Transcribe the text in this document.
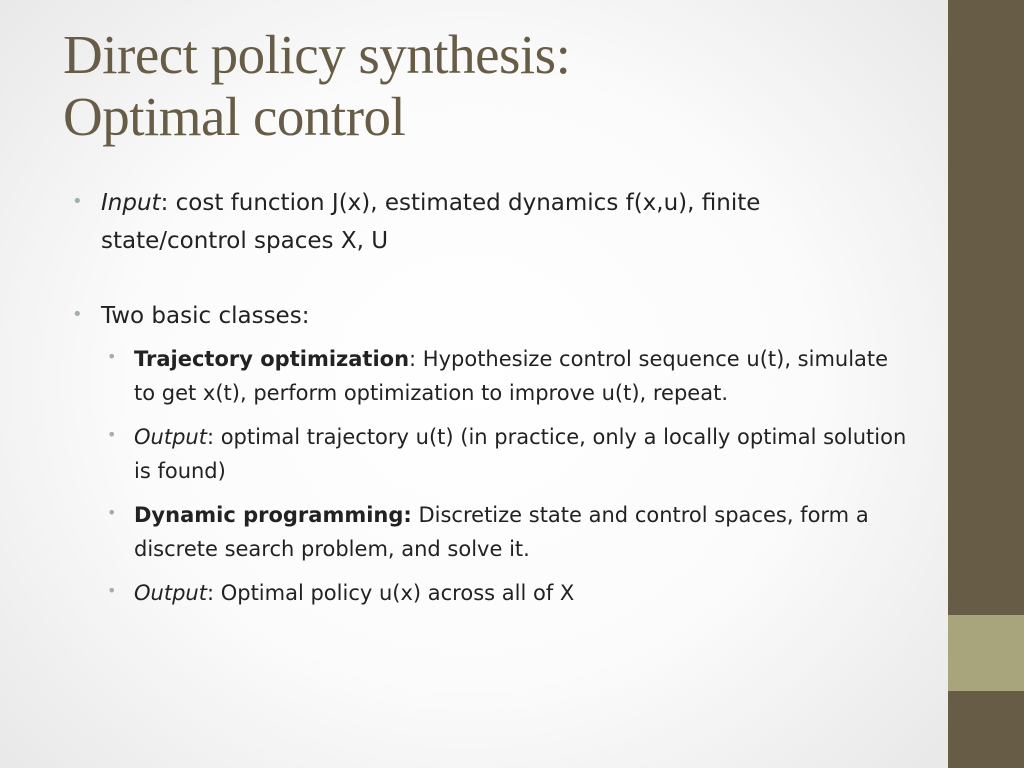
Direct policy synthesis:
Optimal control
• Input: cost function J(x), estimated dynamics f(x,u), finite state/control spaces X, U
• Two basic classes:
• Trajectory optimization: Hypothesize control sequence u(t), simulate to get x(t), perform optimization to improve u(t), repeat.
• Output: optimal trajectory u(t) (in practice, only a locally optimal solution is found)
• Dynamic programming: Discretize state and control spaces, form a discrete search problem, and solve it.
• Output: Optimal policy u(x) across all of X
